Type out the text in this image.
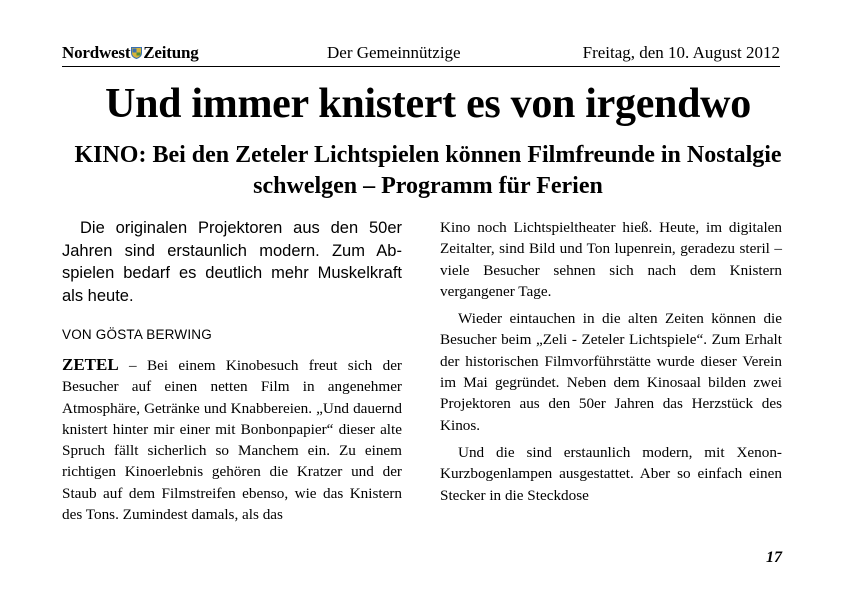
Nordwest Zeitung	Der Gemeinnützige	Freitag, den 10. August 2012
Und immer knistert es von irgendwo
KINO: Bei den Zeteler Lichtspielen können Filmfreunde in Nostalgie schwelgen – Programm für Ferien
Die originalen Projektoren aus den 50er Jahren sind erstaunlich modern. Zum Abspielen bedarf es deutlich mehr Muskelkraft als heute.
VON GÖSTA BERWING
ZETEL – Bei einem Kinobesuch freut sich der Besucher auf einen netten Film in angenehmer Atmosphäre, Getränke und Knabbereien. „Und dauernd knistert hinter mir einer mit Bonbonpapier“ dieser alte Spruch fällt sicherlich so Manchem ein. Zu einem richtigen Kinoerlebnis gehören die Kratzer und der Staub auf dem Filmstreifen ebenso, wie das Knistern des Tons. Zumindest damals, als das

Kino noch Lichtspieltheater hieß. Heute, im digitalen Zeitalter, sind Bild und Ton lupenrein, geradezu steril – viele Besucher sehnen sich nach dem Knistern vergangener Tage.

Wieder eintauchen in die alten Zeiten können die Besucher beim „Zeli - Zeteler Lichtspiele“. Zum Erhalt der historischen Filmvorführstätte wurde dieser Verein im Mai gegründet. Neben dem Kinosaal bilden zwei Projektoren aus den 50er Jahren das Herzstück des Kinos.

Und die sind erstaunlich modern, mit Xenon-Kurzbogenlampen ausgestattet. Aber so einfach einen Stecker in die Steckdose

17
